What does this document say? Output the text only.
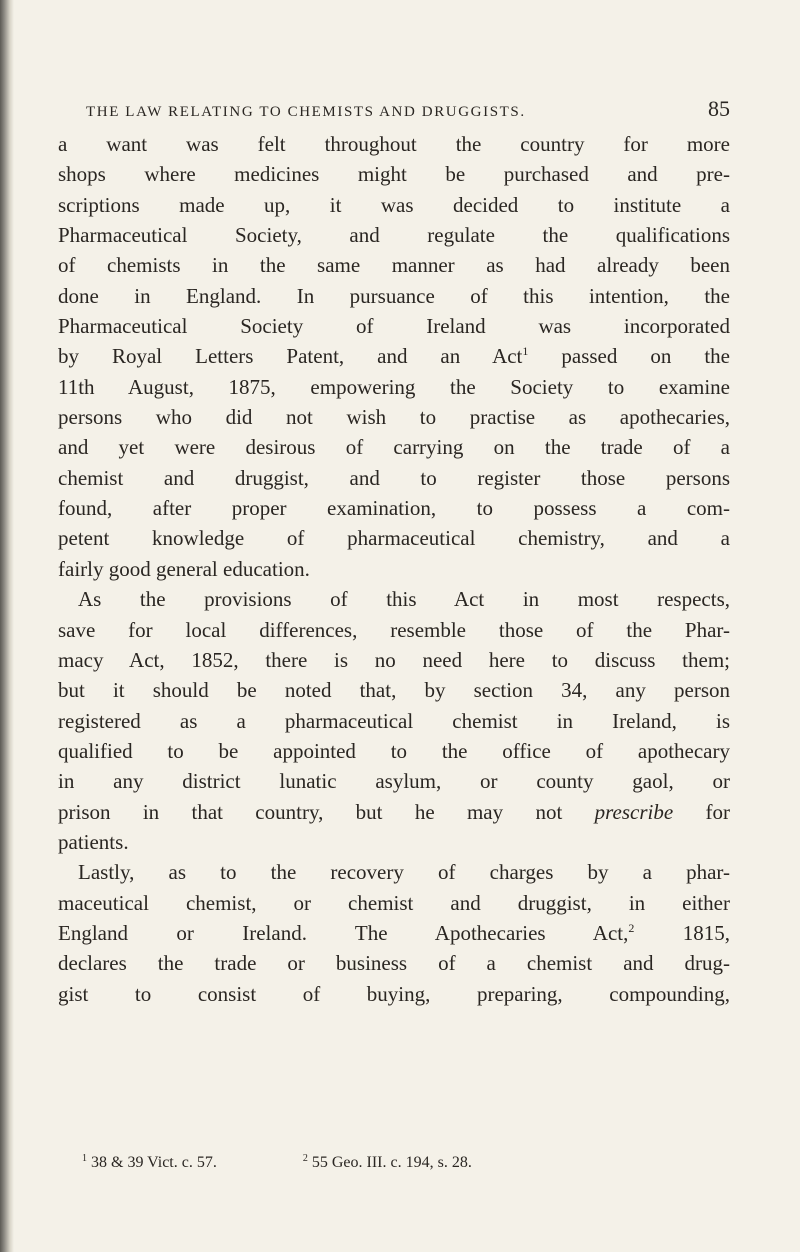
THE LAW RELATING TO CHEMISTS AND DRUGGISTS.	85
a want was felt throughout the country for more
shops where medicines might be purchased and pre-
scriptions made up, it was decided to institute a
Pharmaceutical Society, and regulate the qualifications
of chemists in the same manner as had already been
done in England. In pursuance of this intention, the
Pharmaceutical Society of Ireland was incorporated
by Royal Letters Patent, and an Act$^1$ passed on the
11th August, 1875, empowering the Society to examine
persons who did not wish to practise as apothecaries,
and yet were desirous of carrying on the trade of a
chemist and druggist, and to register those persons
found, after proper examination, to possess a com-
petent knowledge of pharmaceutical chemistry, and a
fairly good general education.
As the provisions of this Act in most respects,
save for local differences, resemble those of the Phar-
macy Act, 1852, there is no need here to discuss them;
but it should be noted that, by section 34, any person
registered as a pharmaceutical chemist in Ireland, is
qualified to be appointed to the office of apothecary
in any district lunatic asylum, or county gaol, or
prison in that country, but he may not prescribe for
patients.
Lastly, as to the recovery of charges by a phar-
maceutical chemist, or chemist and druggist, in either
England or Ireland. The Apothecaries Act,$^2$ 1815,
declares the trade or business of a chemist and drug-
gist to consist of buying, preparing, compounding,
$^1$ 38 & 39 Vict. c. 57.	$^2$ 55 Geo. III. c. 194, s. 28.
